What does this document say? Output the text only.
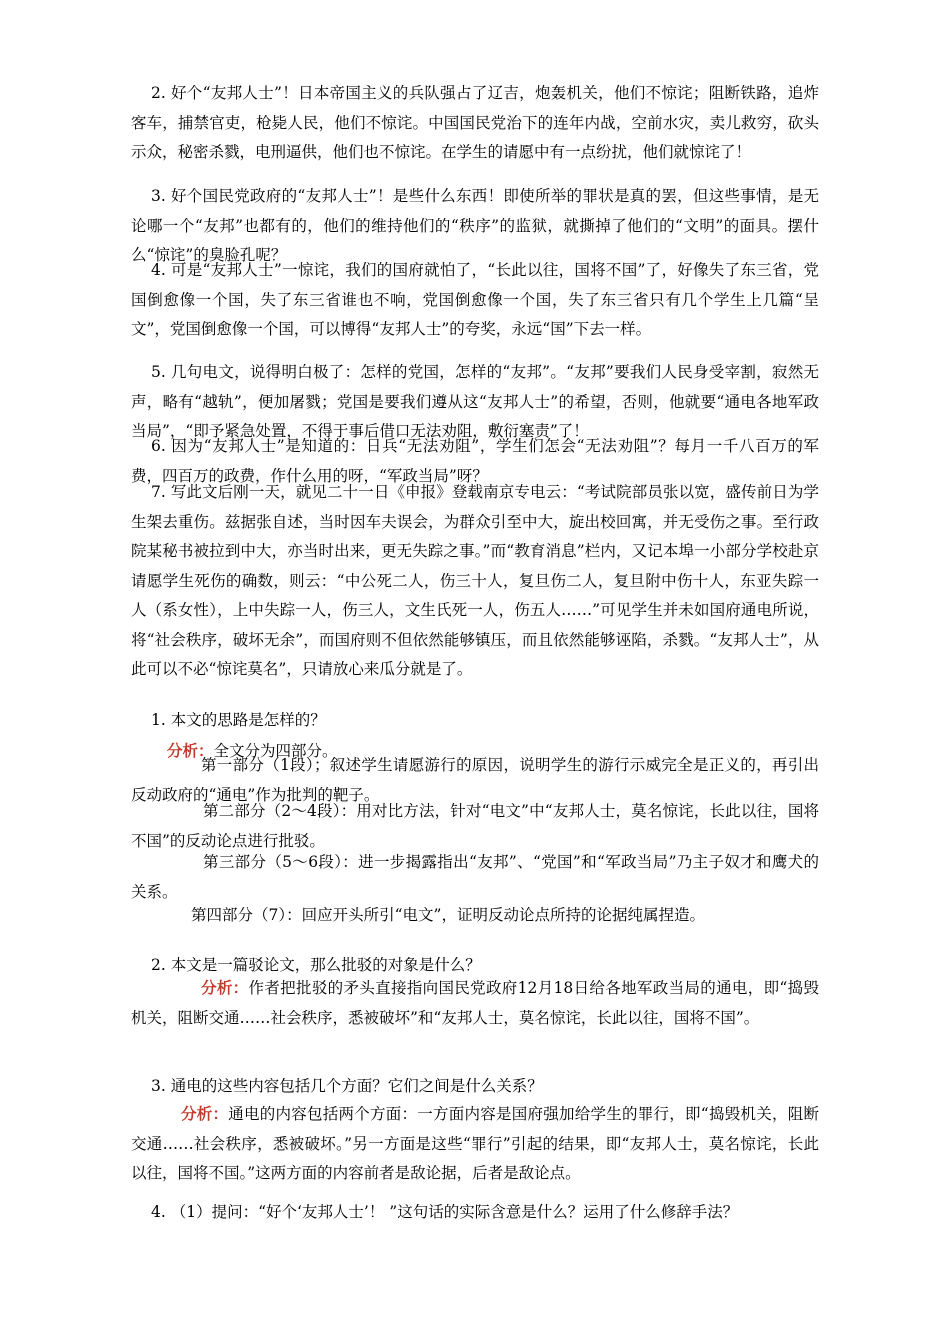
2. 好个“友邦人士”！日本帝国主义的兵队强占了辽吉，炮轰机关，他们不惊诧；阻断铁路，追炸客车，捕禁官吏，枪毙人民，他们不惊诧。中国国民党治下的连年内战，空前水灾，卖儿救穷，砍头示众，秘密杀戮，电刑逼供，他们也不惊诧。在学生的请愿中有一点纷扰，他们就惊诧了！

3. 好个国民党政府的“友邦人士”！是些什么东西！即使所举的罪状是真的罢，但这些事情，是无论哪一个“友邦”也都有的，他们的维持他们的“秩序”的监狱，就撕掉了他们的“文明”的面具。摆什么“惊诧”的臭脸孔呢？

4. 可是“友邦人士”一惊诧，我们的国府就怕了，“长此以往，国将不国”了，好像失了东三省，党国倒愈像一个国，失了东三省谁也不响，党国倒愈像一个国，失了东三省只有几个学生上几篇“呈文”，党国倒愈像一个国，可以博得“友邦人士”的夸奖，永远“国”下去一样。

5. 几句电文，说得明白极了：怎样的党国，怎样的“友邦”。“友邦”要我们人民身受宰割，寂然无声，略有“越轨”，便加屠戮；党国是要我们遵从这“友邦人士”的希望，否则，他就要“通电各地军政当局”，“即予紧急处置，不得于事后借口无法劝阻，敷衍塞责”了！

6. 因为“友邦人士”是知道的：日兵“无法劝阻”，学生们怎会“无法劝阻”？每月一千八百万的军费，四百万的政费，作什么用的呀，“军政当局”呀？

7. 写此文后刚一天，就见二十一日《申报》登载南京专电云：“考试院部员张以宽，盛传前日为学生架去重伤。兹据张自述，当时因车夫误会，为群众引至中大，旋出校回寓，并无受伤之事。至行政院某秘书被拉到中大，亦当时出来，更无失踪之事。”而“教育消息”栏内，又记本埠一小部分学校赴京请愿学生死伤的确数，则云：“中公死二人，伤三十人，复旦伤二人，复旦附中伤十人，东亚失踪一人（系女性），上中失踪一人，伤三人，文生氏死一人，伤五人……”可见学生并未如国府通电所说，将“社会秩序，破坏无余”，而国府则不但依然能够镇压，而且依然能够诬陷，杀戮。“友邦人士”，从此可以不必“惊诧莫名”，只请放心来瓜分就是了。

1. 本文的思路是怎样的？

分析：全文分为四部分。

第一部分（1段）；叙述学生请愿游行的原因，说明学生的游行示威完全是正义的，再引出反动政府的“通电”作为批判的靶子。

第二部分（2～4段）：用对比方法，针对“电文”中“友邦人士，莫名惊诧，长此以往，国将不国”的反动论点进行批驳。

第三部分（5～6段）：进一步揭露指出“友邦”、“党国”和“军政当局”乃主子奴才和鹰犬的关系。

第四部分（7）：回应开头所引“电文”，证明反动论点所持的论据纯属捏造。

2. 本文是一篇驳论文，那么批驳的对象是什么？

分析：作者把批驳的矛头直接指向国民党政府12月18日给各地军政当局的通电，即“捣毁机关，阻断交通……社会秩序，悉被破坏”和“友邦人士，莫名惊诧，长此以往，国将不国”。

3. 通电的这些内容包括几个方面？它们之间是什么关系？

分析：通电的内容包括两个方面：一方面内容是国府强加给学生的罪行，即“捣毁机关，阻断交通……社会秩序，悉被破坏。”另一方面是这些“罪行”引起的结果，即“友邦人士，莫名惊诧，长此以往，国将不国。”这两方面的内容前者是敌论据，后者是敌论点。

4. （1）提问：“好个‘友邦人士’！ ”这句话的实际含意是什么？运用了什么修辞手法？
